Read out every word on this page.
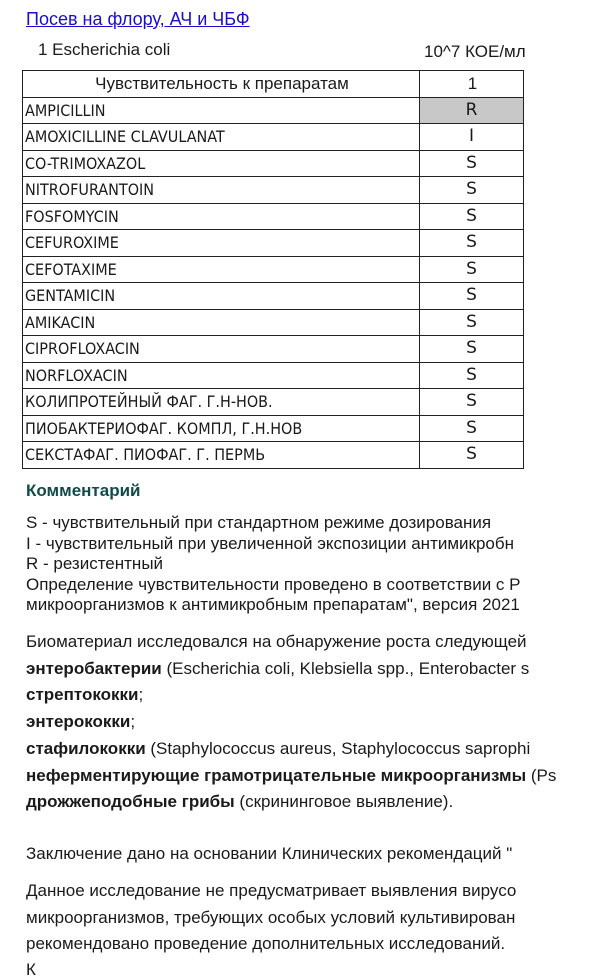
Посев на флору, АЧ и ЧБФ
1 Escherichia coli	10^7 КОЕ/мл
Чувствительность к препаратам	1
AMPICILLIN	R
AMOXICILLINE CLAVULANAT	I
CO-TRIMOXAZOL	S
NITROFURANTOIN	S
FOSFOMYCIN	S
CEFUROXIME	S
CEFOTAXIME	S
GENTAMICIN	S
AMIKACIN	S
CIPROFLOXACIN	S
NORFLOXACIN	S
КОЛИПРОТЕЙНЫЙ ФАГ. Г.Н-НОВ.	S
ПИОБАКТЕРИОФАГ. КОМПЛ, Г.Н.НОВ	S
СЕКСТАФАГ. ПИОФАГ. Г. ПЕРМЬ	S
Комментарий
S - чувствительный при стандартном режиме дозирования
I - чувствительный при увеличенной экспозиции антимикробн
R - резистентный
Определение чувствительности проведено в соответствии с Р
микроорганизмов к антимикробным препаратам", версия 2021
Биоматериал исследовался на обнаружение роста следующей
энтеробактерии (Escherichia coli, Klebsiella spp., Enterobacter s
стрептококки;
энтерококки;
стафилококки (Staphylococcus aureus, Staphylococcus saprophi
неферментирующие грамотрицательные микроорганизмы (Ps
дрожжеподобные грибы (скрининговое выявление).
Заключение дано на основании Клинических рекомендаций "
Данное исследование не предусматривает выявления вирусо
микроорганизмов, требующих особых условий культивирован
рекомендовано проведение дополнительных исследований.
К
